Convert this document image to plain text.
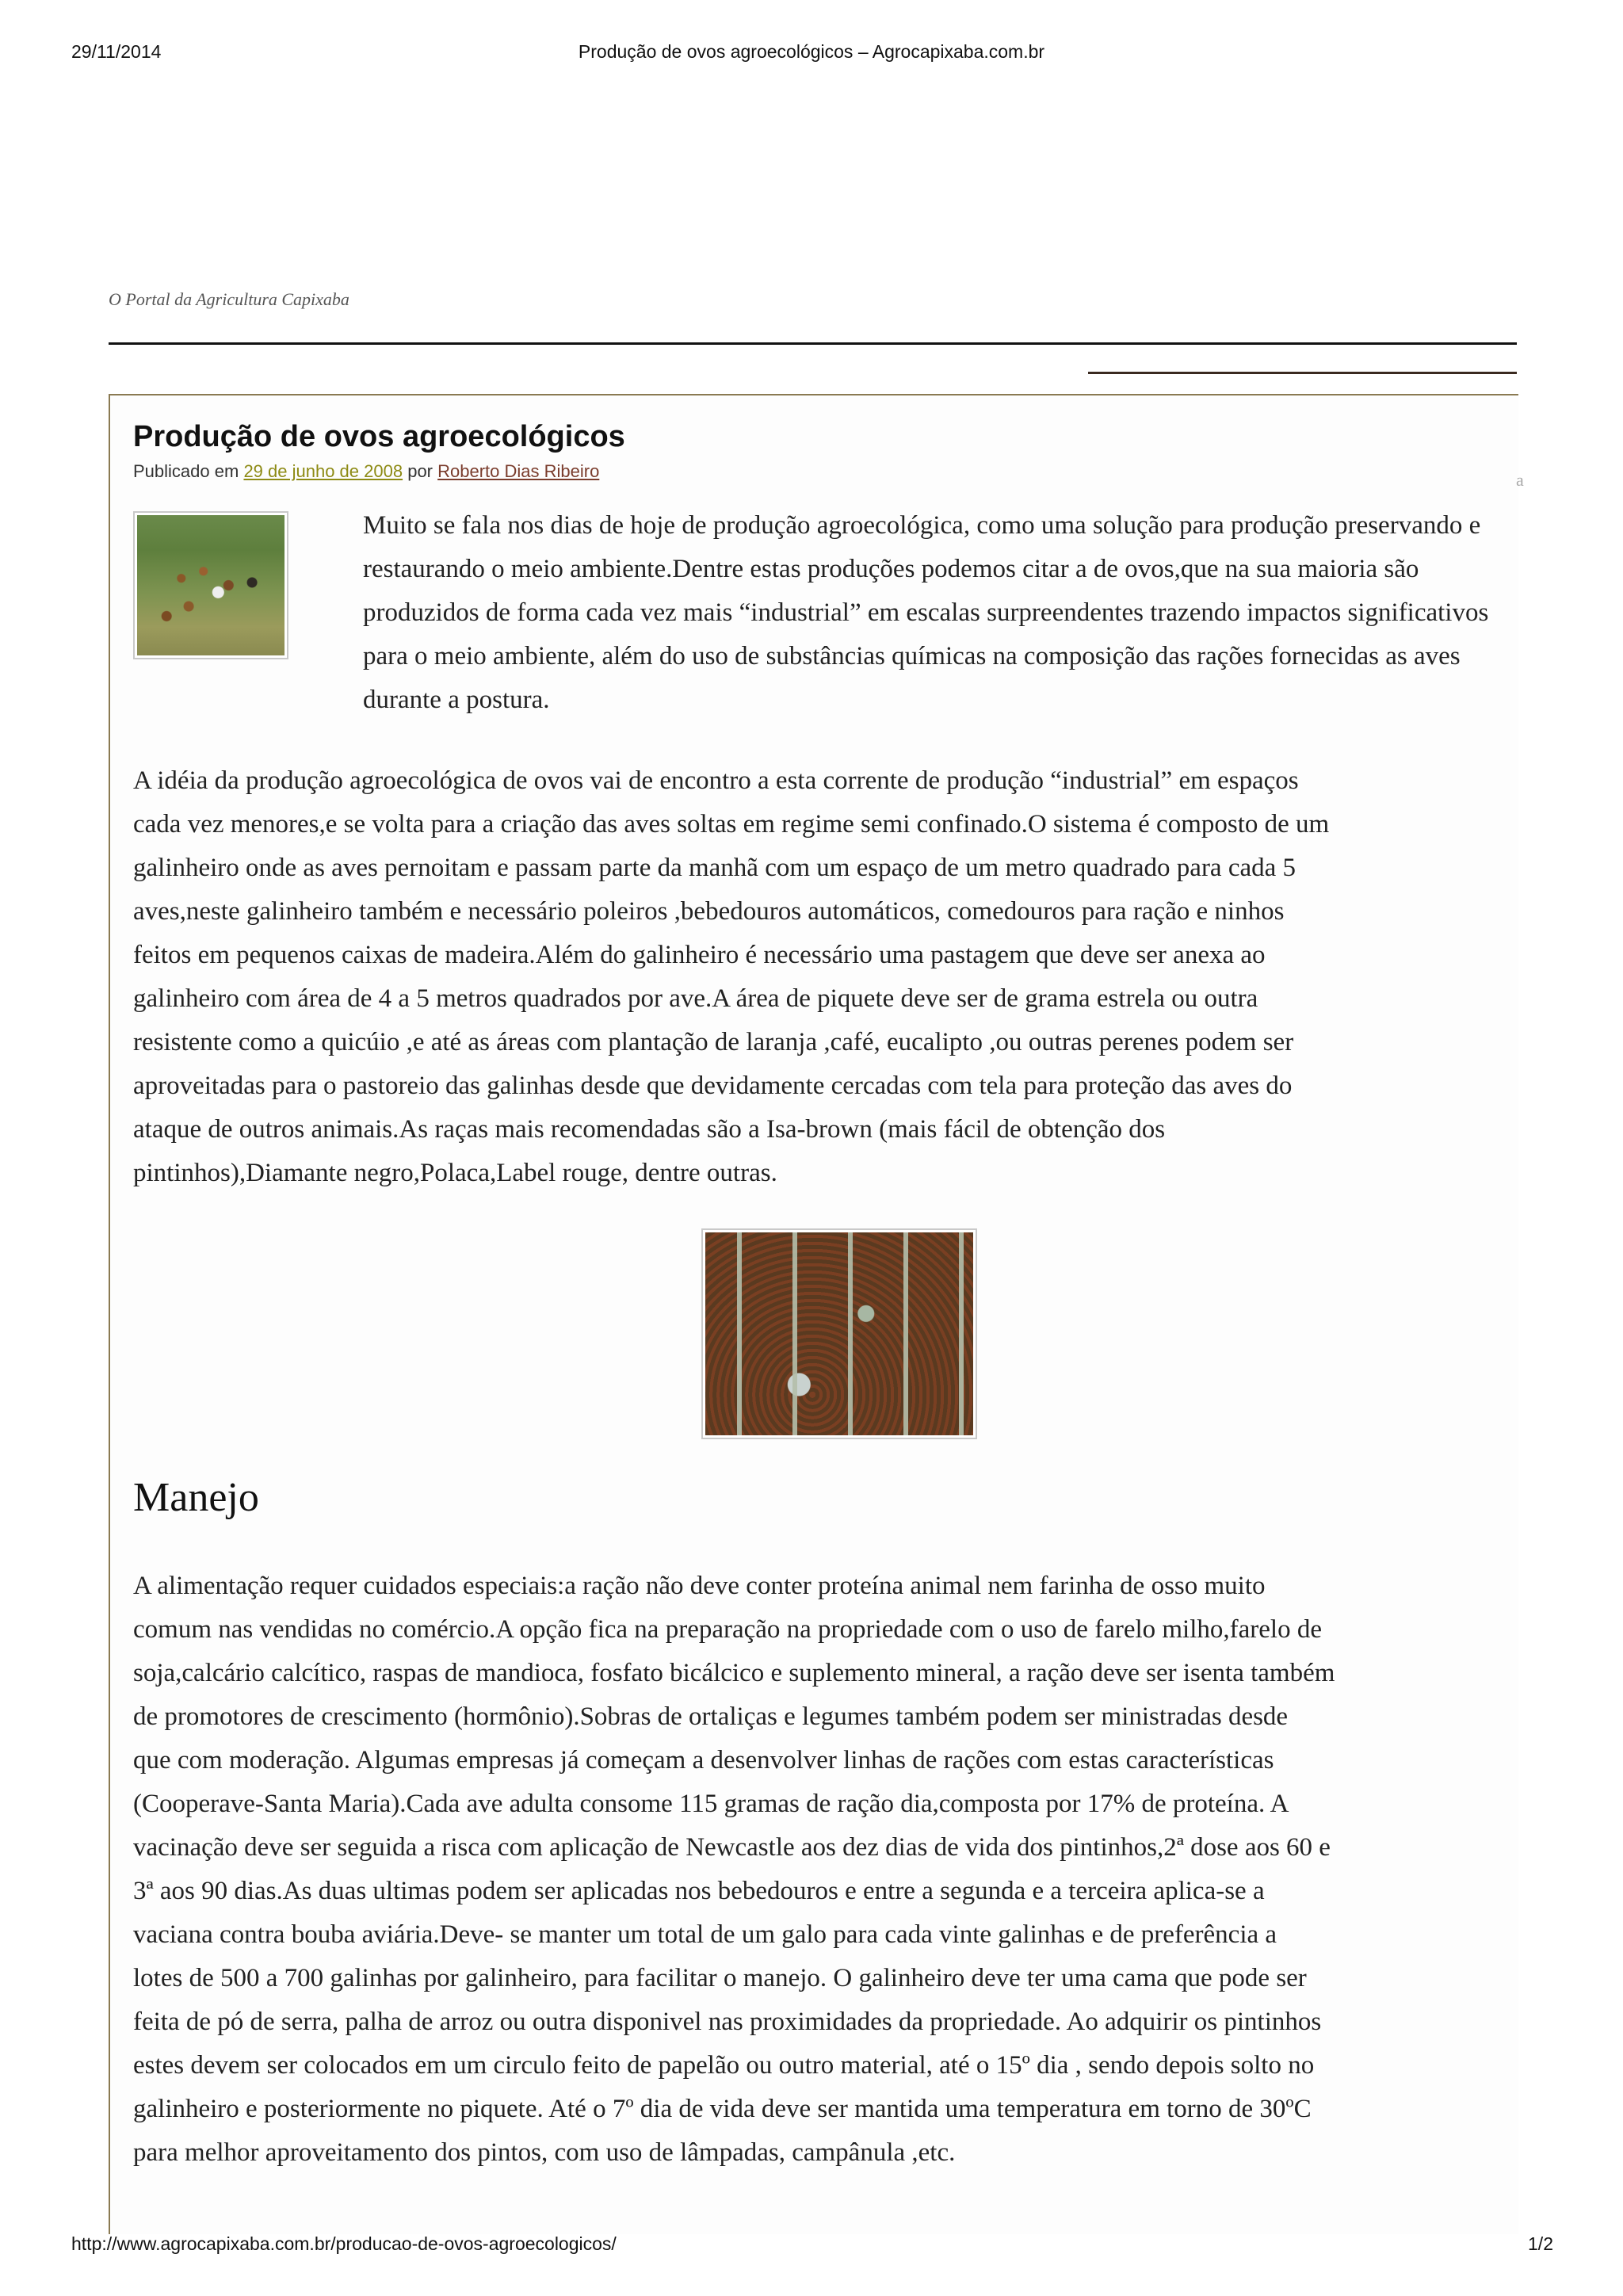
29/11/2014	Produção de ovos agroecológicos – Agrocapixaba.com.br
O Portal da Agricultura Capixaba
a
Produção de ovos agroecológicos
Publicado em 29 de junho de 2008 por Roberto Dias Ribeiro

Muito se fala nos dias de hoje de produção agroecológica, como uma solução para produção preservando e restaurando o meio ambiente.Dentre estas produções podemos citar a de ovos,que na sua maioria são produzidos de forma cada vez mais “industrial” em escalas surpreendentes trazendo impactos significativos para o meio ambiente, além do uso de substâncias químicas na composição das rações fornecidas as aves durante a postura.

A idéia da produção agroecológica de ovos vai de encontro a esta corrente de produção “industrial” em espaços
cada vez menores,e se volta para a criação das aves soltas em regime semi confinado.O sistema é composto de um
galinheiro onde as aves pernoitam e passam parte da manhã com um espaço de um metro quadrado para cada 5
aves,neste galinheiro também e necessário poleiros ,bebedouros automáticos, comedouros para ração e ninhos
feitos em pequenos caixas de madeira.Além do galinheiro é necessário uma pastagem que deve ser anexa ao
galinheiro com área de 4 a 5 metros quadrados por ave.A área de piquete deve ser de grama estrela ou outra
resistente como a quicúio ,e até as áreas com plantação de laranja ,café, eucalipto ,ou outras perenes podem ser
aproveitadas para o pastoreio das galinhas desde que devidamente cercadas com tela para proteção das aves do
ataque de outros animais.As raças mais recomendadas são a Isa-brown (mais fácil de obtenção dos
pintinhos),Diamante negro,Polaca,Label rouge, dentre outras.
Manejo
A alimentação requer cuidados especiais:a ração não deve conter proteína animal nem farinha de osso muito
comum nas vendidas no comércio.A opção fica na preparação na propriedade com o uso de farelo milho,farelo de
soja,calcário calcítico, raspas de mandioca, fosfato bicálcico e suplemento mineral, a ração deve ser isenta também
de promotores de crescimento (hormônio).Sobras de ortaliças e legumes também podem ser ministradas desde
que com moderação. Algumas empresas já começam a desenvolver linhas de rações com estas características
(Cooperave-Santa Maria).Cada ave adulta consome 115 gramas de ração dia,composta por 17% de proteína. A
vacinação deve ser seguida a risca com aplicação de Newcastle aos dez dias de vida dos pintinhos,2ª dose aos 60 e
3ª aos 90 dias.As duas ultimas podem ser aplicadas nos bebedouros e entre a segunda e a terceira aplica-se a
vaciana contra bouba aviária.Deve- se manter um total de um galo para cada vinte galinhas e de preferência a
lotes de 500 a 700 galinhas por galinheiro, para facilitar o manejo. O galinheiro deve ter uma cama que pode ser
feita de pó de serra, palha de arroz ou outra disponivel nas proximidades da propriedade. Ao adquirir os pintinhos
estes devem ser colocados em um circulo feito de papelão ou outro material, até o 15º dia , sendo depois solto no
galinheiro e posteriormente no piquete. Até o 7º dia de vida deve ser mantida uma temperatura em torno de 30ºC
para melhor aproveitamento dos pintos, com uso de lâmpadas, campânula ,etc.
http://www.agrocapixaba.com.br/producao-de-ovos-agroecologicos/	1/2
